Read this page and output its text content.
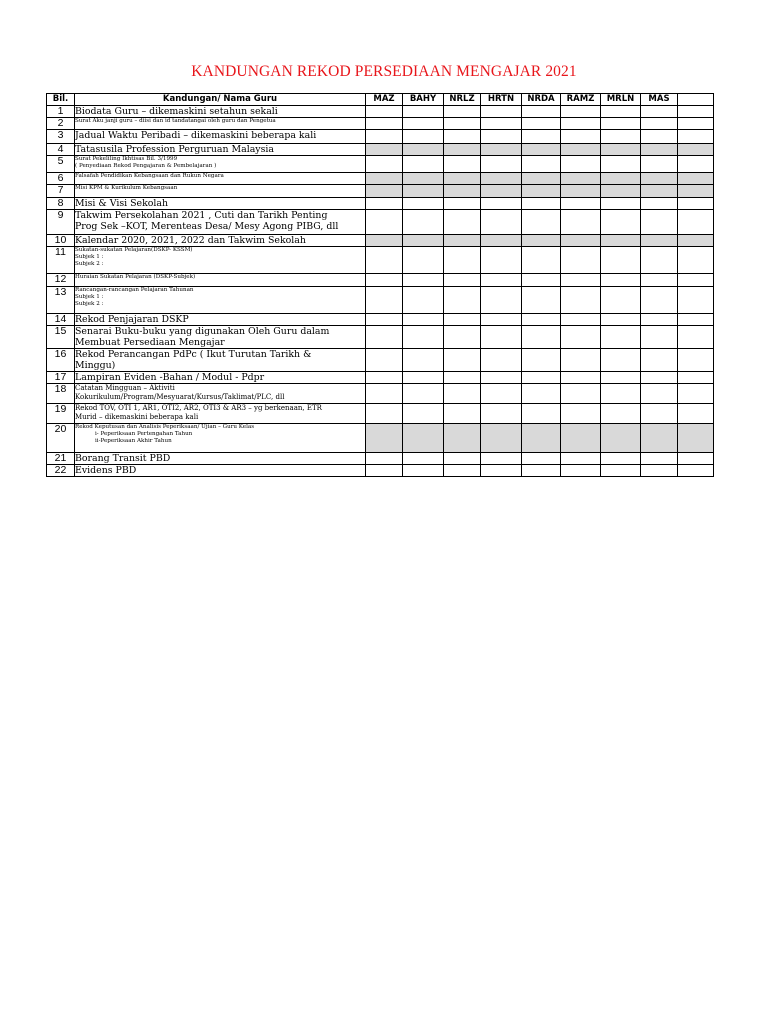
KANDUNGAN REKOD PERSEDIAAN MENGAJAR 2021
Bil.	Kandungan/ Nama Guru	MAZ	BAHY	NRLZ	HRTN	NRDA	RAMZ	MRLN	MAS	
1	Biodata Guru – dikemaskini setahun sekali									

2	Surat Aku janji guru – diisi dan id tandatangai oleh guru dan Pengetua									

3	Jadual Waktu Peribadi – dikemaskini beberapa kali									

4	Tatasusila Profession Perguruan Malaysia									

5	Surat Pekeliling Ikhtisas Bil. 3/1999
( Penyediaan Rekod Pengajaran & Pembelajaran )									

6	Falsafah Pendidikan Kebangsaan dan Rukun Negara									

7	Misi KPM & Kurikulum Kebangsaan									

8	Misi & Visi Sekolah									

9	Takwim Persekolahan 2021 , Cuti dan Tarikh Penting
Prog Sek –KOT, Merenteas Desa/ Mesy Agong PIBG, dll									

10	Kalendar 2020, 2021, 2022 dan Takwim Sekolah									

11	Sukatan-sukatan Pelajaran(DSKP- KSSM)
Subjek 1 :
Subjek 2 :									

12	Huraian Sukatan Pelajaran (DSKP-Subjek)									

13	Rancangan-rancangan Pelajaran Tahunan
Subjek 1 :
Subjek 2 :									

14	Rekod Penjajaran DSKP									

15	Senarai Buku-buku yang digunakan Oleh Guru dalam
Membuat Persediaan Mengajar									

16	Rekod Perancangan PdPc ( Ikut Turutan Tarikh &
Minggu)									

17	Lampiran Eviden -Bahan / Modul - Pdpr									

18	Catatan Mingguan – Aktiviti
Kokurikulum/Program/Mesyuarat/Kursus/Taklimat/PLC, dll									

19	Rekod TOV, OTI 1, AR1, OTI2, AR2, OTI3 & AR3 – yg berkenaan, ETR
Murid – dikemaskini beberapa kali									

20	Rekod Keputusan dan Analisis Peperiksaan/ Ujian – Guru Kelas
i- Peperiksaan Pertengahan Tahun
ii-Peperiksaan Akhir Tahun									

21	Borang Transit PBD									

22	Evidens PBD									
